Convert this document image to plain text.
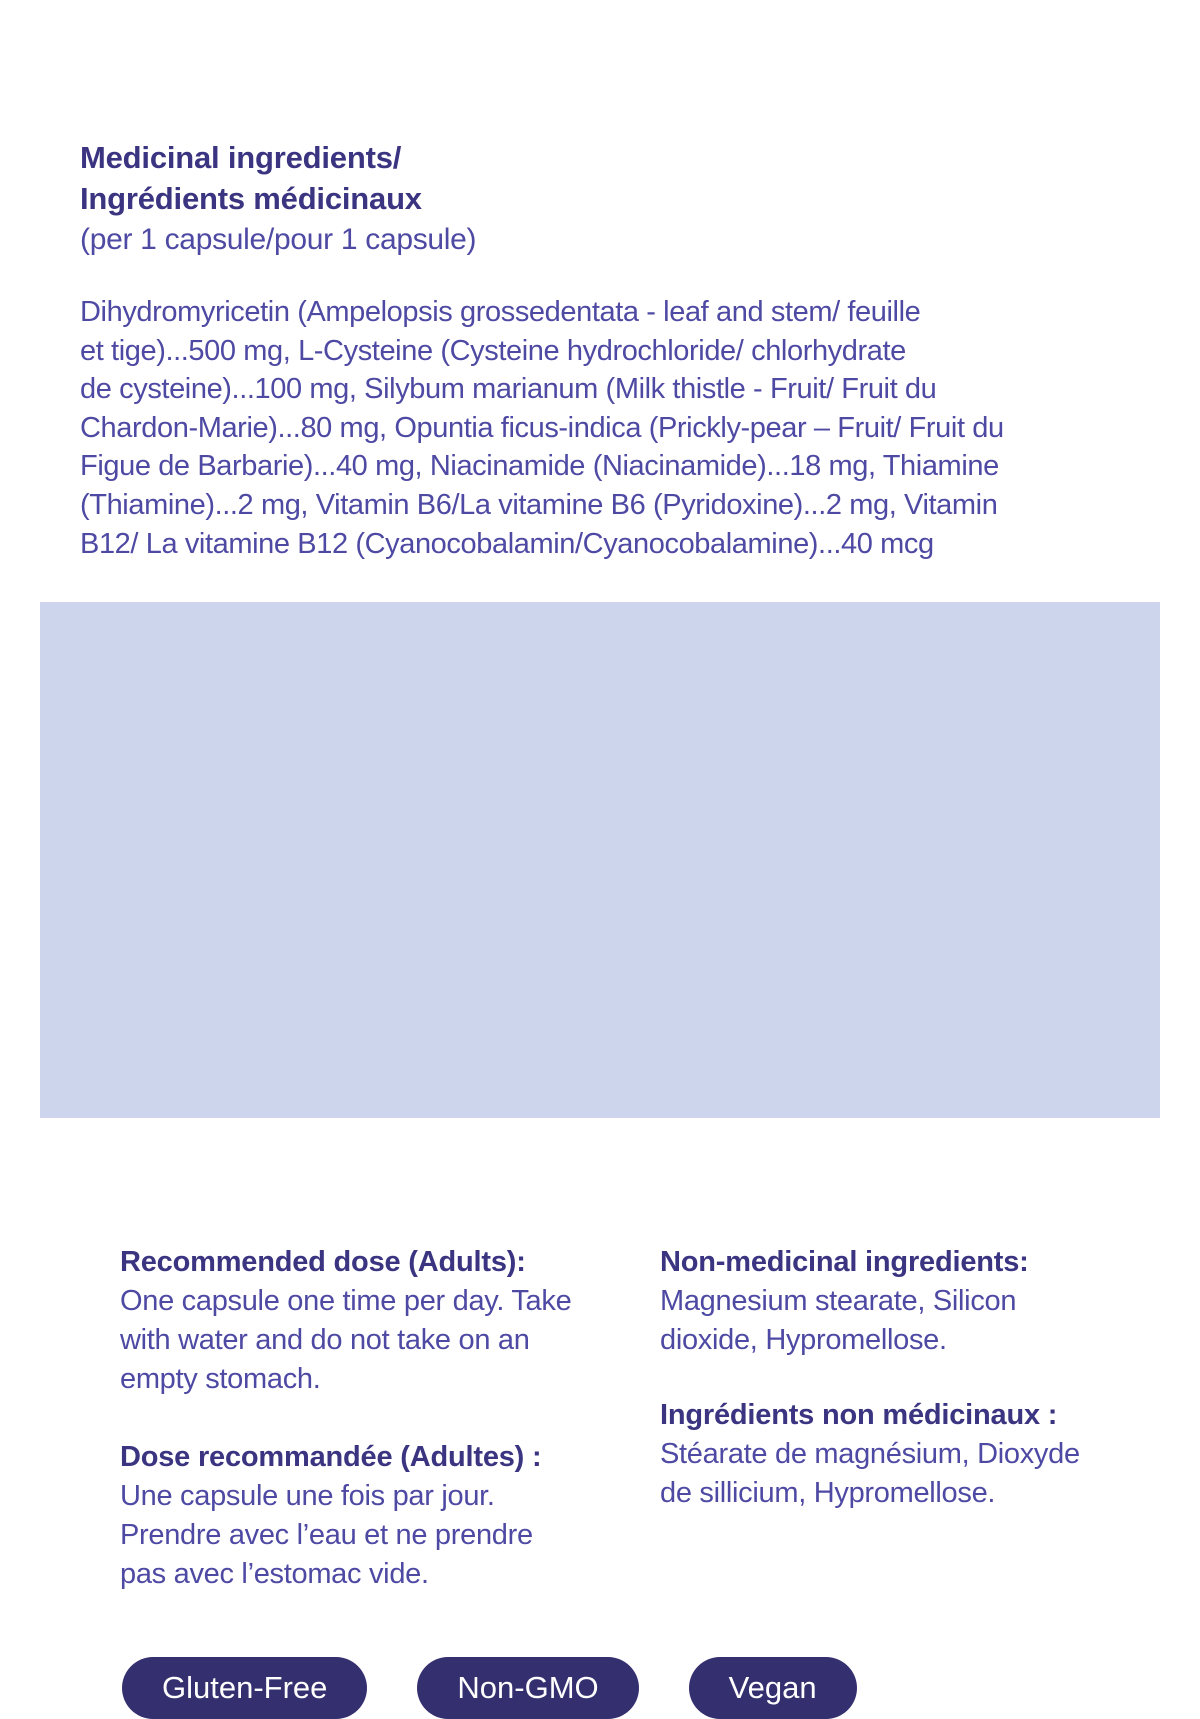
Medicinal ingredients/
Ingrédients médicinaux
(per 1 capsule/pour 1 capsule)
Dihydromyricetin (Ampelopsis grossedentata - leaf and stem/ feuille
et tige)...500 mg, L-Cysteine (Cysteine hydrochloride/ chlorhydrate
de cysteine)...100 mg, Silybum marianum (Milk thistle - Fruit/ Fruit du
Chardon-Marie)...80 mg, Opuntia ficus-indica (Prickly-pear – Fruit/ Fruit du
Figue de Barbarie)...40 mg, Niacinamide (Niacinamide)...18 mg, Thiamine
(Thiamine)...2 mg, Vitamin B6/La vitamine B6 (Pyridoxine)...2 mg, Vitamin
B12/ La vitamine B12 (Cyanocobalamin/Cyanocobalamine)...40 mcg
Recommended dose (Adults):
One capsule one time per day. Take
with water and do not take on an
empty stomach.
Dose recommandée (Adultes) :
Une capsule une fois par jour.
Prendre avec l’eau et ne prendre
pas avec l’estomac vide.
Non-medicinal ingredients:
Magnesium stearate, Silicon
dioxide, Hypromellose.
Ingrédients non médicinaux :
Stéarate de magnésium, Dioxyde
de sillicium, Hypromellose.
Gluten-Free	Non-GMO	Vegan
